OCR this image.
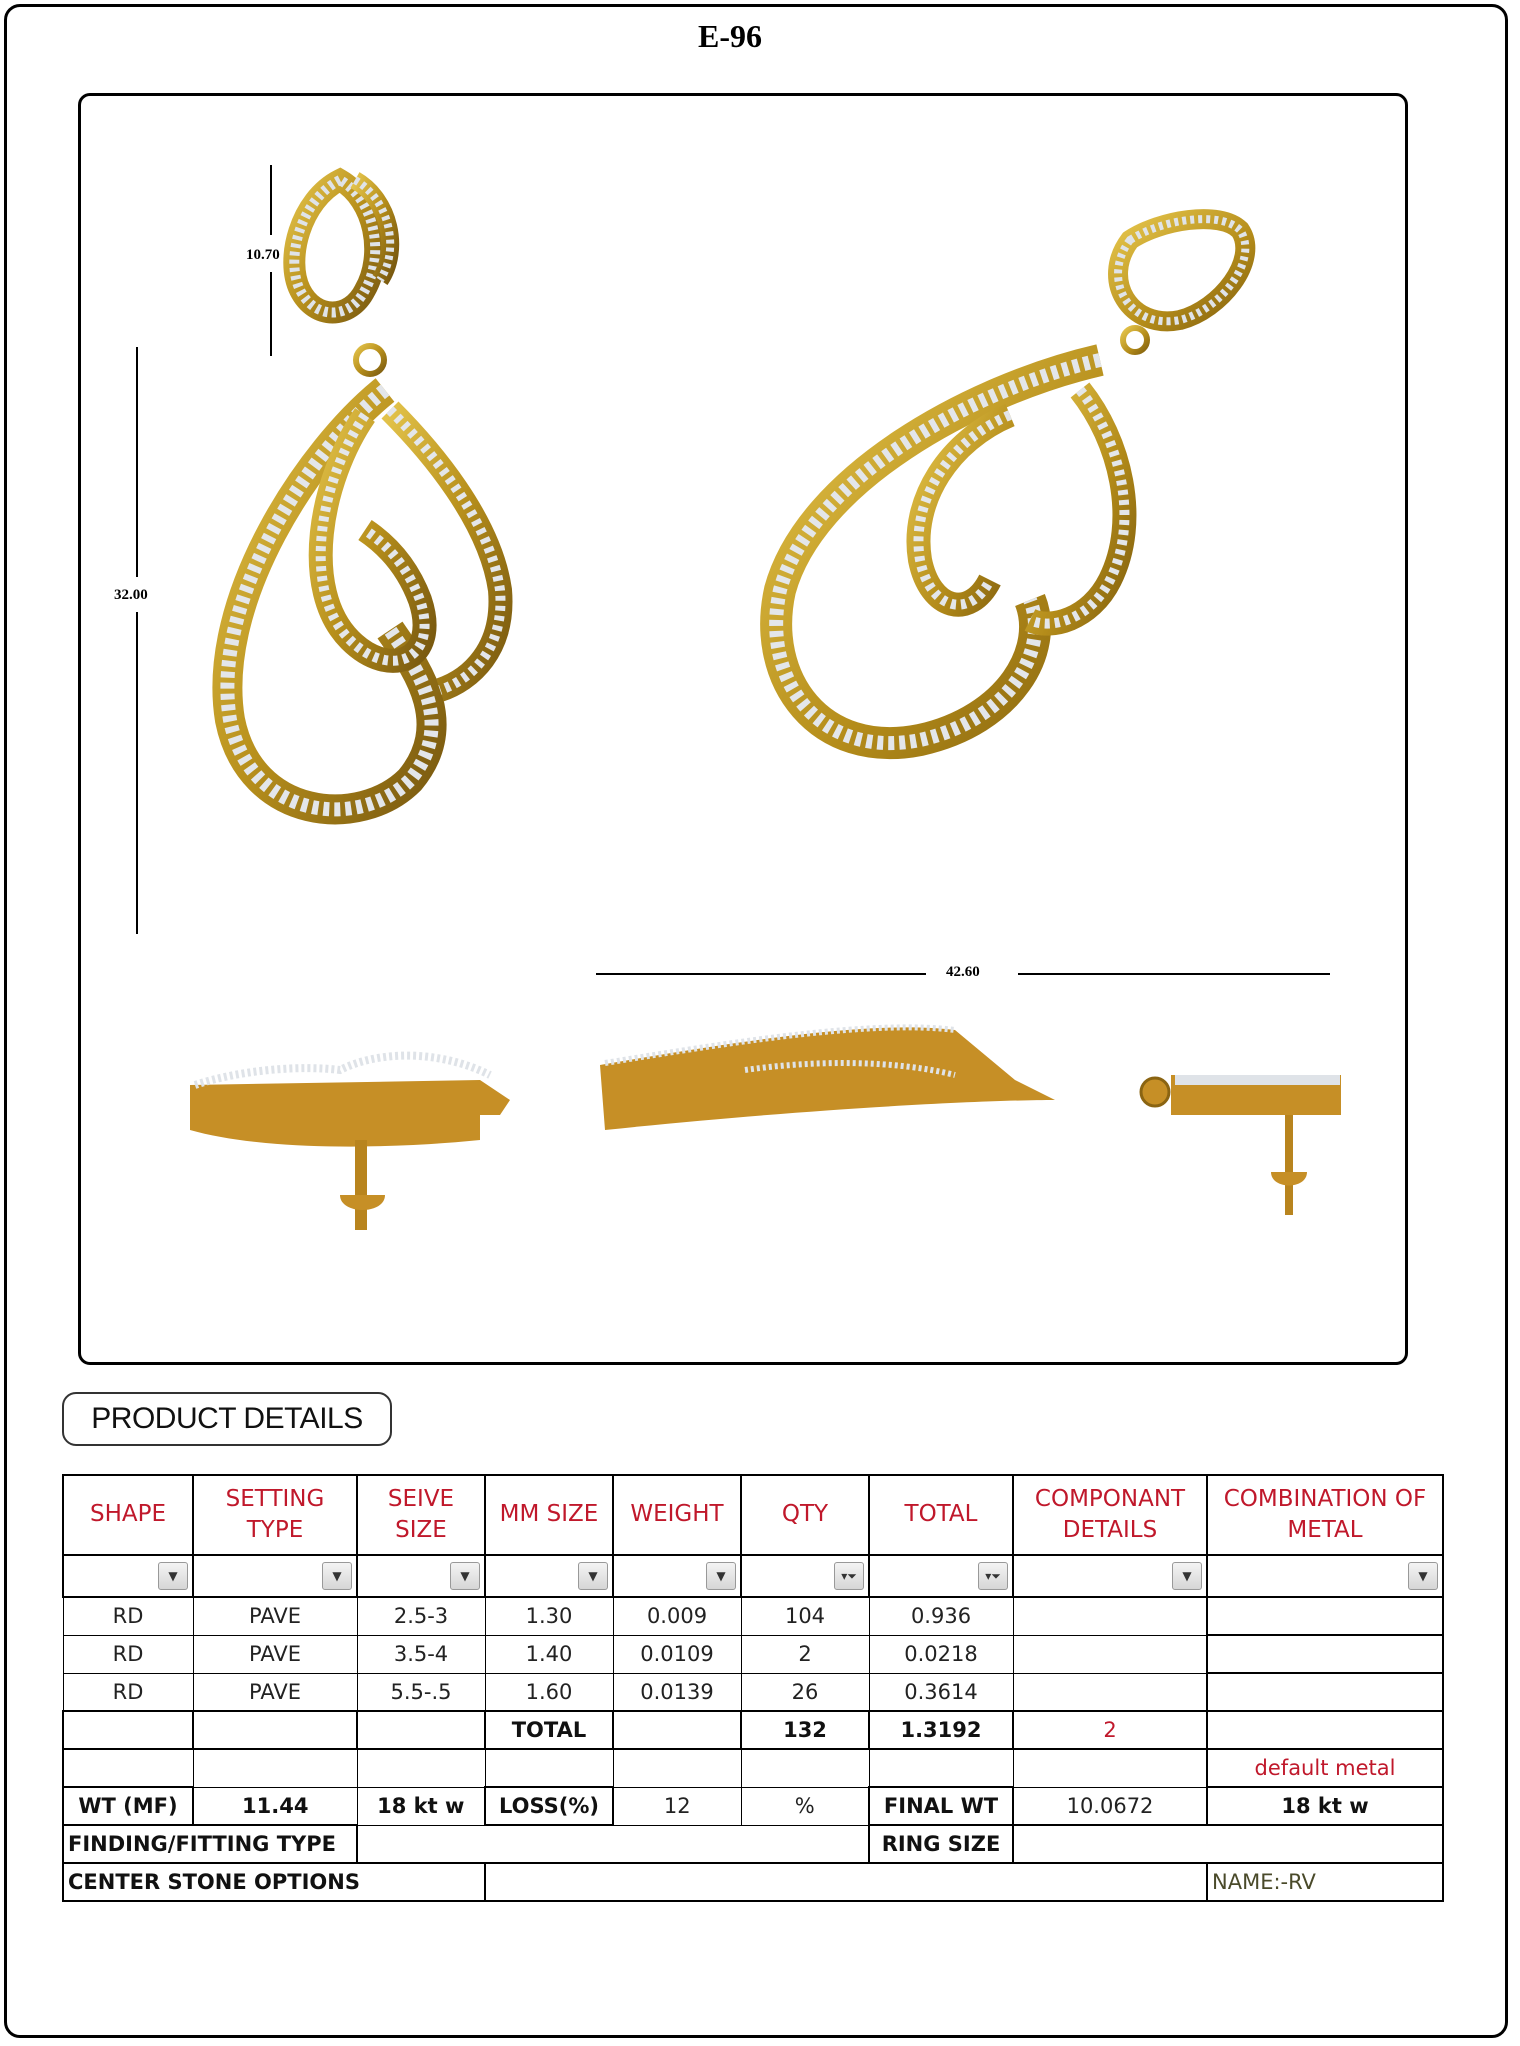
E-96
10.70
32.00
42.60
PRODUCT DETAILS
SHAPE	SETTING TYPE	SEIVE SIZE	MM SIZE	WEIGHT	QTY	TOTAL	COMPONANT DETAILS	COMBINATION OF METAL
▼	▼	▼	▼	▼	▾⏷	▾⏷	▼	▼
RD	PAVE	2.5-3	1.30	0.009	104	0.936		
RD	PAVE	3.5-4	1.40	0.0109	2	0.0218		
RD	PAVE	5.5-.5	1.60	0.0139	26	0.3614		
			TOTAL		132	1.3192	2	
								default metal
WT (MF)	11.44	18 kt w	LOSS(%)	12	%	FINAL WT	10.0672	18 kt w
FINDING/FITTING TYPE						RING SIZE		
CENTER STONE OPTIONS								NAME:-RV
